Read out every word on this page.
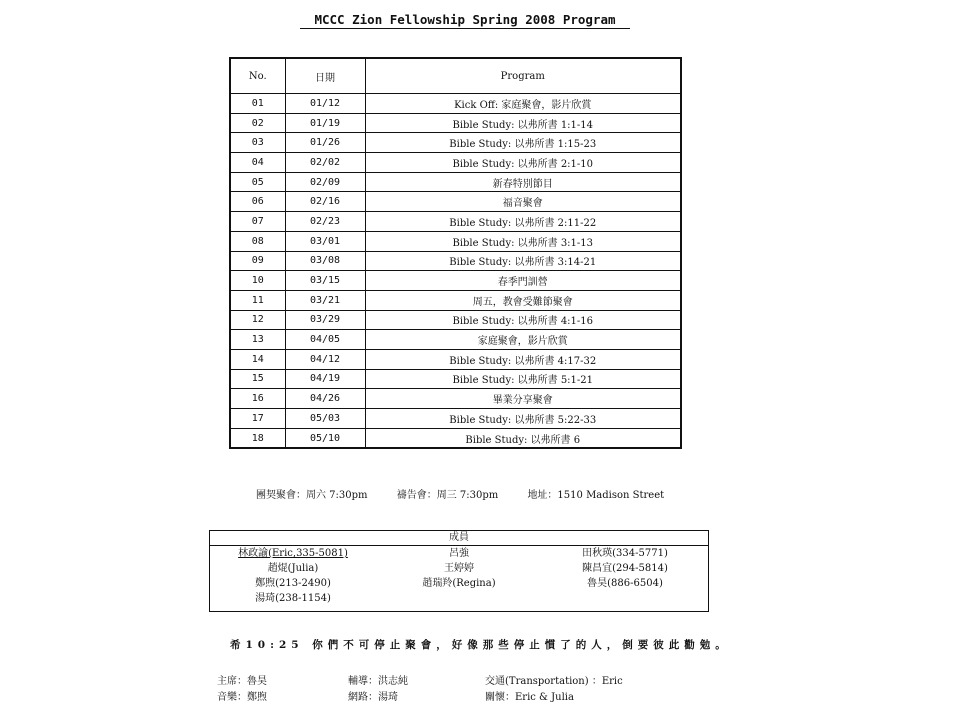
MCCC Zion Fellowship Spring 2008 Program
No.	日期	Program
01	01/12	Kick Off: 家庭聚會，影片欣賞
02	01/19	Bible Study: 以弗所書 1:1-14
03	01/26	Bible Study: 以弗所書 1:15-23
04	02/02	Bible Study: 以弗所書 2:1-10
05	02/09	新春特別節目
06	02/16	福音聚會
07	02/23	Bible Study: 以弗所書 2:11-22
08	03/01	Bible Study: 以弗所書 3:1-13
09	03/08	Bible Study: 以弗所書 3:14-21
10	03/15	春季門訓營
11	03/21	周五，教會受難節聚會
12	03/29	Bible Study: 以弗所書 4:1-16
13	04/05	家庭聚會，影片欣賞
14	04/12	Bible Study: 以弗所書 4:17-32
15	04/19	Bible Study: 以弗所書 5:1-21
16	04/26	畢業分享聚會
17	05/03	Bible Study: 以弗所書 5:22-33
18	05/10	Bible Study: 以弗所書 6
團契聚會：周六 7:30pm	禱告會：周三 7:30pm	地址：1510 Madison Street
成員
林政諭(Eric,335-5081)	呂強	田秋瑛(334-5771)
趙焜(Julia)	王婷婷	陳昌宜(294-5814)
鄭煦(213-2490)	趙瑞羚(Regina)	魯昊(886-6504)
湯琦(238-1154)
希10:25 你們不可停止聚會，好像那些停止慣了的人，倒要彼此勸勉。
主席：魯昊	輔導：洪志純	交通(Transportation) ：Eric
音樂：鄭煦	網路：湯琦	關懷：Eric & Julia
